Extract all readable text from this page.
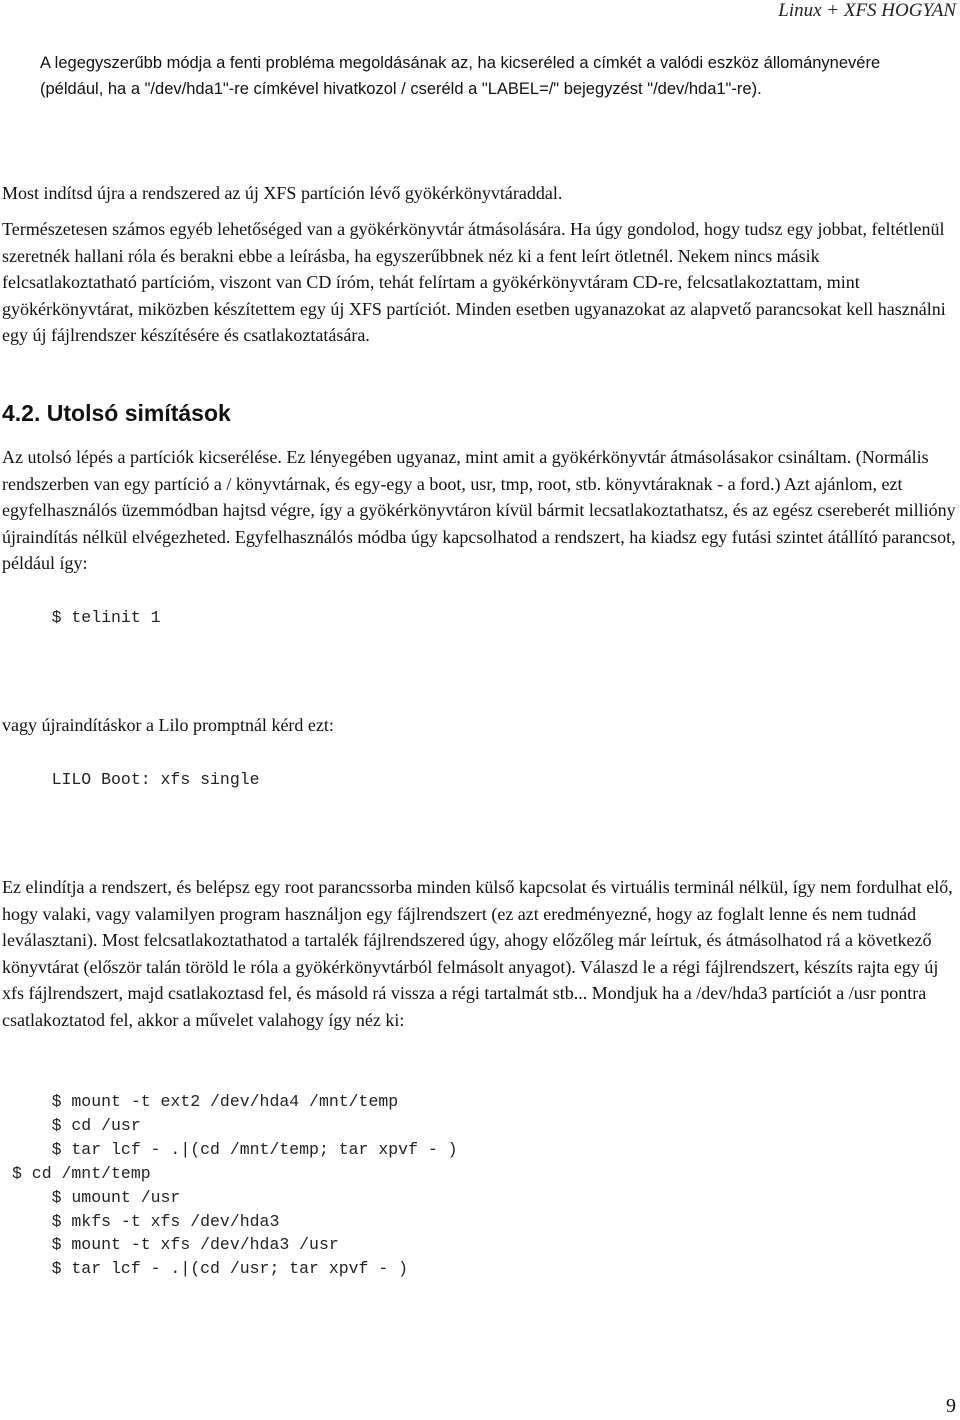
Linux + XFS HOGYAN

A legegyszerűbb módja a fenti probléma megoldásának az, ha kicseréled a címkét a valódi eszköz állománynevére (például, ha a "/dev/hda1"-re címkével hivatkozol / cseréld a "LABEL=/" bejegyzést "/dev/hda1"-re).

Most indítsd újra a rendszered az új XFS partíción lévő gyökérkönyvtáraddal.

Természetesen számos egyéb lehetőséged van a gyökérkönyvtár átmásolására. Ha úgy gondolod, hogy tudsz egy jobbat, feltétlenül szeretnék hallani róla és berakni ebbe a leírásba, ha egyszerűbbnek néz ki a fent leírt ötletnél. Nekem nincs másik felcsatlakoztatható partícióm, viszont van CD íróm, tehát felírtam a gyökérkönyvtáram CD-re, felcsatlakoztattam, mint gyökérkönyvtárat, miközben készítettem egy új XFS partíciót. Minden esetben ugyanazokat az alapvető parancsokat kell használni egy új fájlrendszer készítésére és csatlakoztatására.

4.2. Utolsó simítások

Az utolsó lépés a partíciók kicserélése. Ez lényegében ugyanaz, mint amit a gyökérkönyvtár átmásolásakor csináltam. (Normális rendszerben van egy partíció a / könyvtárnak, és egy-egy a boot, usr, tmp, root, stb. könyvtáraknak - a ford.) Azt ajánlom, ezt egyfelhasználós üzemmódban hajtsd végre, így a gyökérkönyvtáron kívül bármit lecsatlakoztathatsz, és az egész csereberét millióny újraindítás nélkül elvégezheted. Egyfelhasználós módba úgy kapcsolhatod a rendszert, ha kiadsz egy futási szintet átállító parancsot, például így:

$ telinit 1

vagy újraindításkor a Lilo promptnál kérd ezt:

LILO Boot: xfs single

Ez elindítja a rendszert, és belépsz egy root parancssorba minden külső kapcsolat és virtuális terminál nélkül, így nem fordulhat elő, hogy valaki, vagy valamilyen program használjon egy fájlrendszert (ez azt eredményezné, hogy az foglalt lenne és nem tudnád leválasztani). Most felcsatlakoztathatod a tartalék fájlrendszered úgy, ahogy előzőleg már leírtuk, és átmásolhatod rá a következő könyvtárat (először talán töröld le róla a gyökérkönyvtárból felmásolt anyagot). Válaszd le a régi fájlrendszert, készíts rajta egy új xfs fájlrendszert, majd csatlakoztasd fel, és másold rá vissza a régi tartalmát stb... Mondjuk ha a /dev/hda3 partíciót a /usr pontra csatlakoztatod fel, akkor a művelet valahogy így néz ki:

$ mount -t ext2 /dev/hda4 /mnt/temp
$ cd /usr
$ tar lcf - .|(cd /mnt/temp; tar xpvf - )
$ cd /mnt/temp
$ umount /usr
$ mkfs -t xfs /dev/hda3
$ mount -t xfs /dev/hda3 /usr
$ tar lcf - .|(cd /usr; tar xpvf - )
9
